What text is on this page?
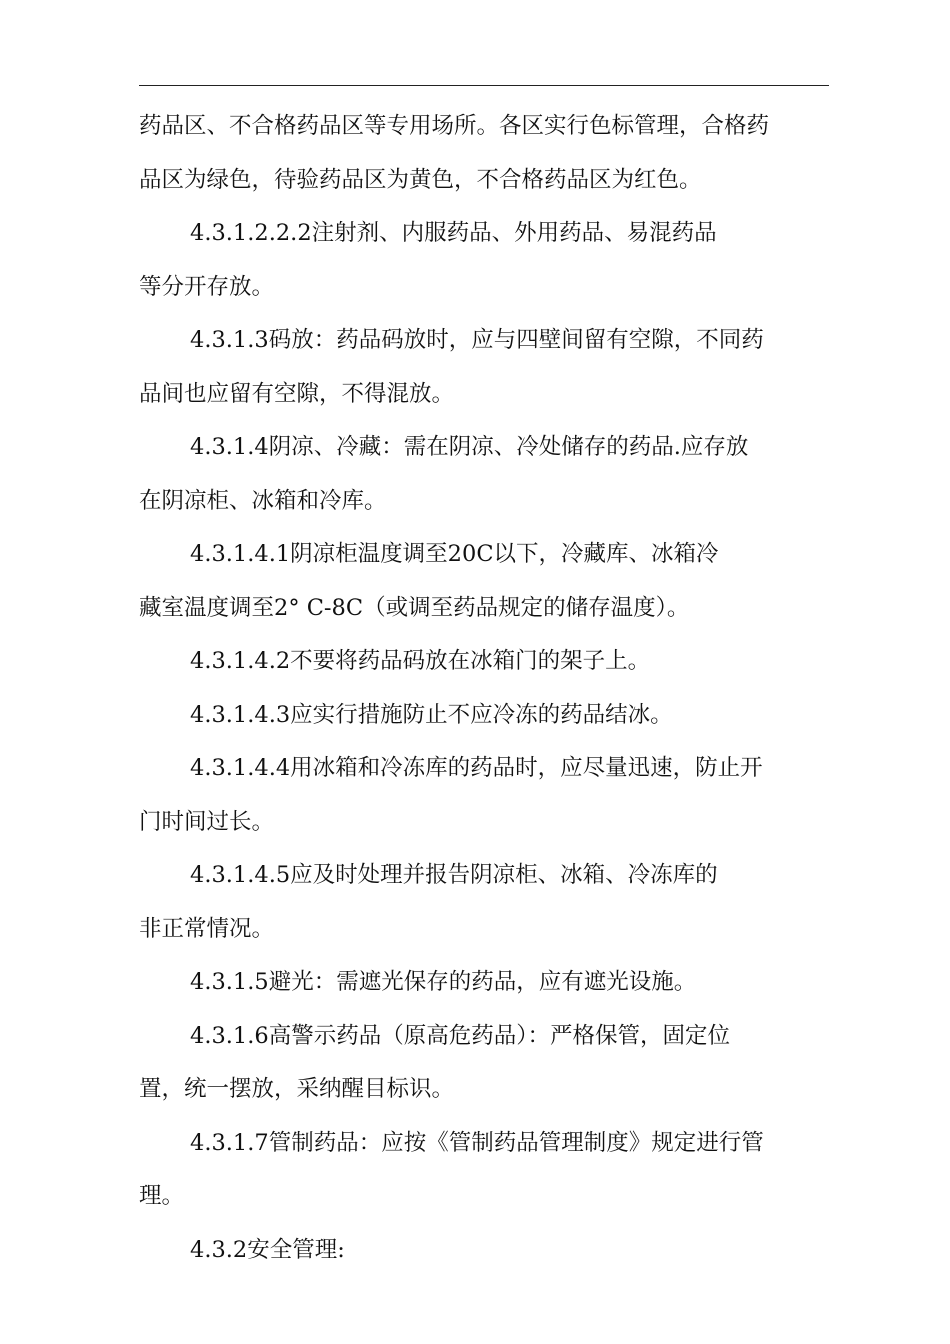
药品区、不合格药品区等专用场所。各区实行色标管理，合格药
品区为绿色，待验药品区为黄色，不合格药品区为红色。
4.3.1.2.2.2注射剂、内服药品、外用药品、易混药品
等分开存放。
4.3.1.3码放：药品码放时，应与四壁间留有空隙，不同药
品间也应留有空隙，不得混放。
4.3.1.4阴凉、冷藏：需在阴凉、冷处储存的药品.应存放
在阴凉柜、冰箱和冷库。
4.3.1.4.1阴凉柜温度调至20C以下，冷藏库、冰箱冷
藏室温度调至2° C-8C（或调至药品规定的储存温度）。
4.3.1.4.2不要将药品码放在冰箱门的架子上。
4.3.1.4.3应实行措施防止不应冷冻的药品结冰。
4.3.1.4.4用冰箱和冷冻库的药品时，应尽量迅速，防止开
门时间过长。
4.3.1.4.5应及时处理并报告阴凉柜、冰箱、冷冻库的
非正常情况。
4.3.1.5避光：需遮光保存的药品，应有遮光设施。
4.3.1.6高警示药品（原高危药品）：严格保管，固定位
置，统一摆放，采纳醒目标识。
4.3.1.7管制药品：应按《管制药品管理制度》规定进行管
理。
4.3.2安全管理:
